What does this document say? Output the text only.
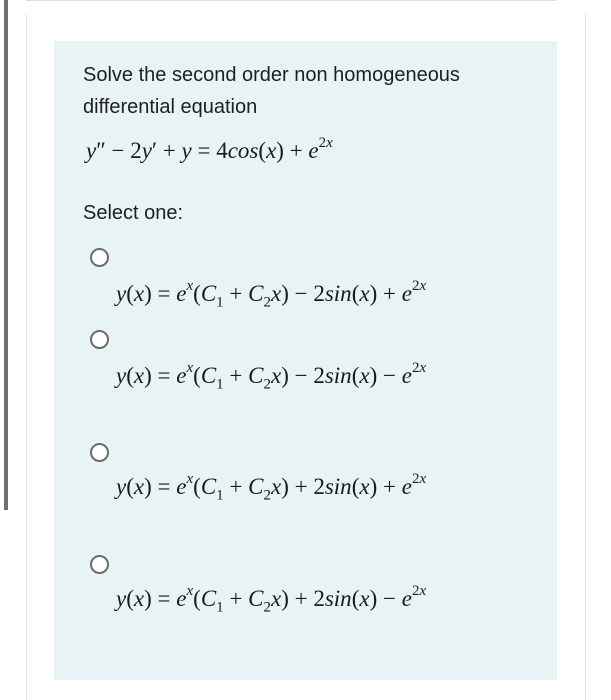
Solve the second order non homogeneous differential equation
$y'' - 2y' + y = 4\cos(x) + e^{2x}$
Select one:
$y(x) = e^x(C_1 + C_2x) - 2\sin(x) + e^{2x}$
$y(x) = e^x(C_1 + C_2x) - 2\sin(x) - e^{2x}$
$y(x) = e^x(C_1 + C_2x) + 2\sin(x) + e^{2x}$
$y(x) = e^x(C_1 + C_2x) + 2\sin(x) - e^{2x}$
